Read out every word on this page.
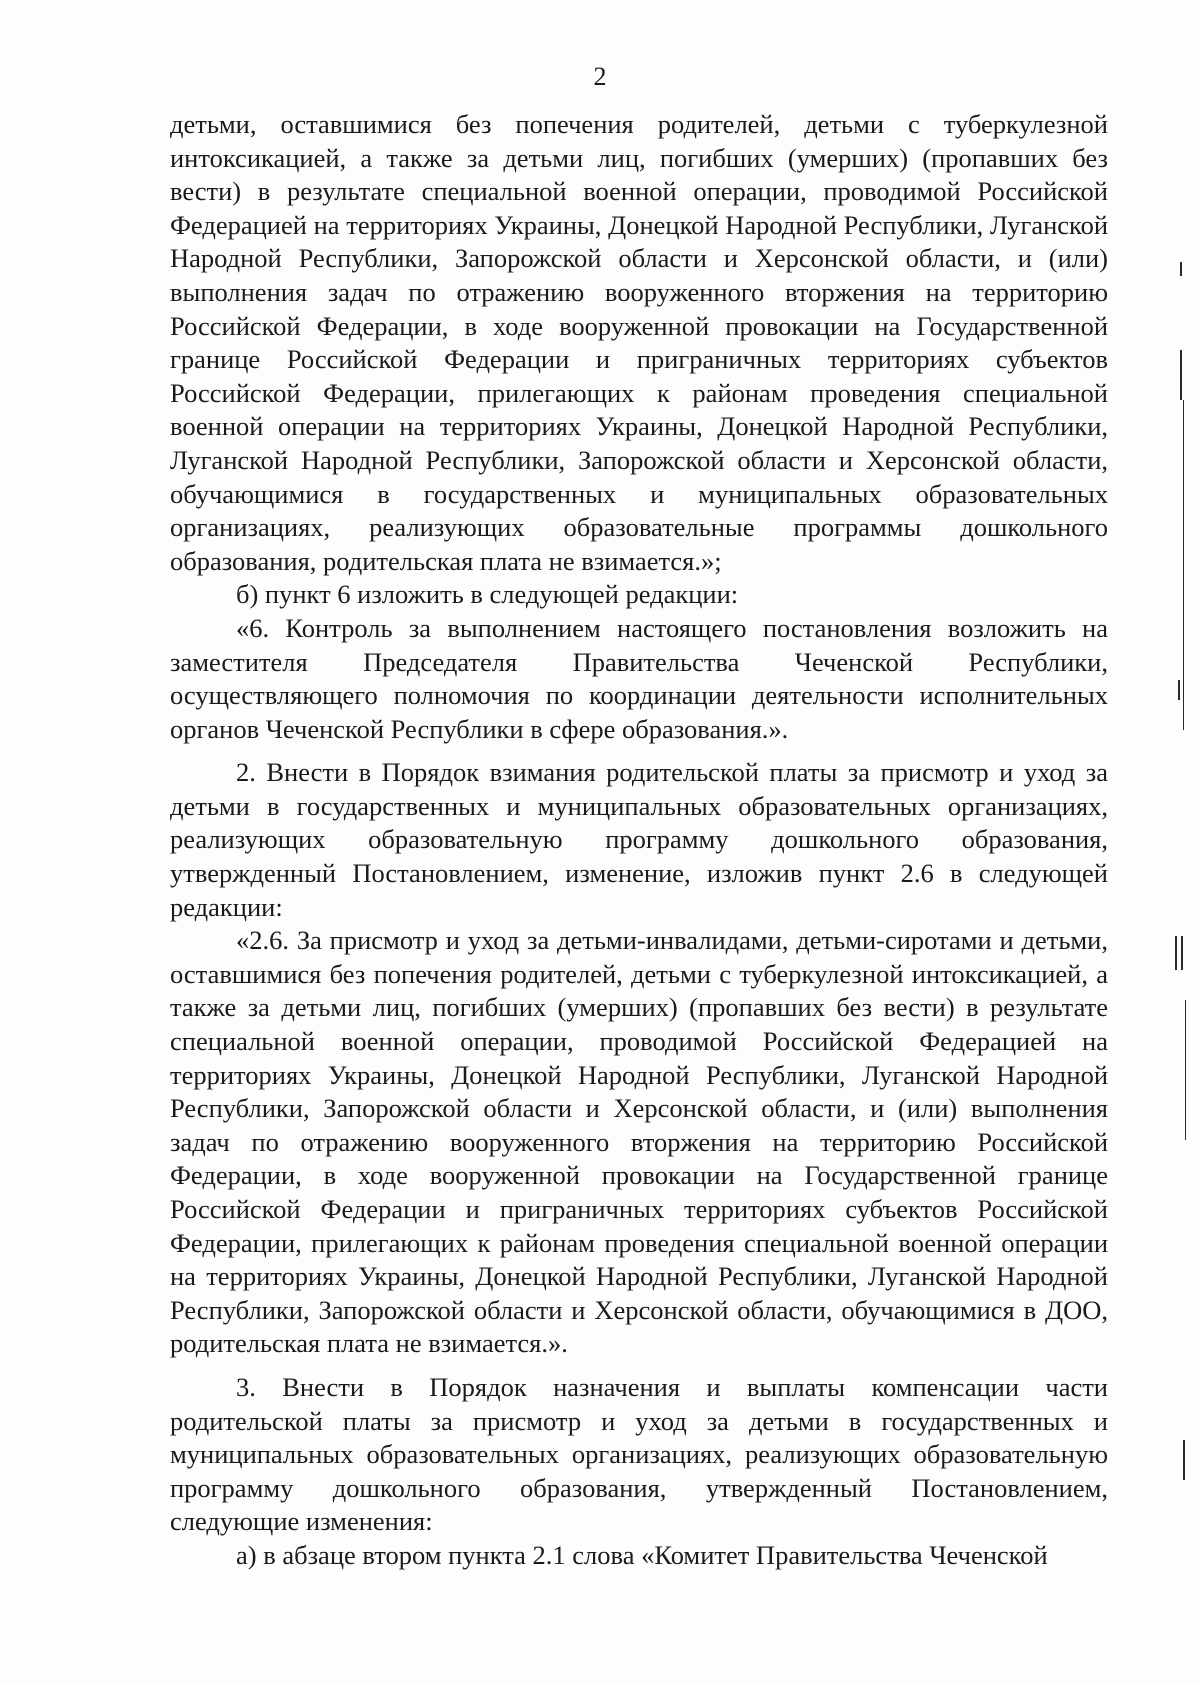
2

детьми, оставшимися без попечения родителей, детьми с туберкулезной интоксикацией, а также за детьми лиц, погибших (умерших) (пропавших без вести) в результате специальной военной операции, проводимой Российской Федерацией на территориях Украины, Донецкой Народной Республики, Луганской Народной Республики, Запорожской области и Херсонской области, и (или) выполнения задач по отражению вооруженного вторжения на территорию Российской Федерации, в ходе вооруженной провокации на Государственной границе Российской Федерации и приграничных территориях субъектов Российской Федерации, прилегающих к районам проведения специальной военной операции на территориях Украины, Донецкой Народной Республики, Луганской Народной Республики, Запорожской области и Херсонской области, обучающимися в государственных и муниципальных образовательных организациях, реализующих образовательные программы дошкольного образования, родительская плата не взимается.»;

б) пункт 6 изложить в следующей редакции:

«6. Контроль за выполнением настоящего постановления возложить на заместителя Председателя Правительства Чеченской Республики, осуществляющего полномочия по координации деятельности исполнительных органов Чеченской Республики в сфере образования.».

2. Внести в Порядок взимания родительской платы за присмотр и уход за детьми в государственных и муниципальных образовательных организациях, реализующих образовательную программу дошкольного образования, утвержденный Постановлением, изменение, изложив пункт 2.6 в следующей редакции:

«2.6. За присмотр и уход за детьми-инвалидами, детьми-сиротами и детьми, оставшимися без попечения родителей, детьми с туберкулезной интоксикацией, а также за детьми лиц, погибших (умерших) (пропавших без вести) в результате специальной военной операции, проводимой Российской Федерацией на территориях Украины, Донецкой Народной Республики, Луганской Народной Республики, Запорожской области и Херсонской области, и (или) выполнения задач по отражению вооруженного вторжения на территорию Российской Федерации, в ходе вооруженной провокации на Государственной границе Российской Федерации и приграничных территориях субъектов Российской Федерации, прилегающих к районам проведения специальной военной операции на территориях Украины, Донецкой Народной Республики, Луганской Народной Республики, Запорожской области и Херсонской области, обучающимися в ДОО, родительская плата не взимается.».

3. Внести в Порядок назначения и выплаты компенсации части родительской платы за присмотр и уход за детьми в государственных и муниципальных образовательных организациях, реализующих образовательную программу дошкольного образования, утвержденный Постановлением, следующие изменения:

а) в абзаце втором пункта 2.1 слова «Комитет Правительства Чеченской
